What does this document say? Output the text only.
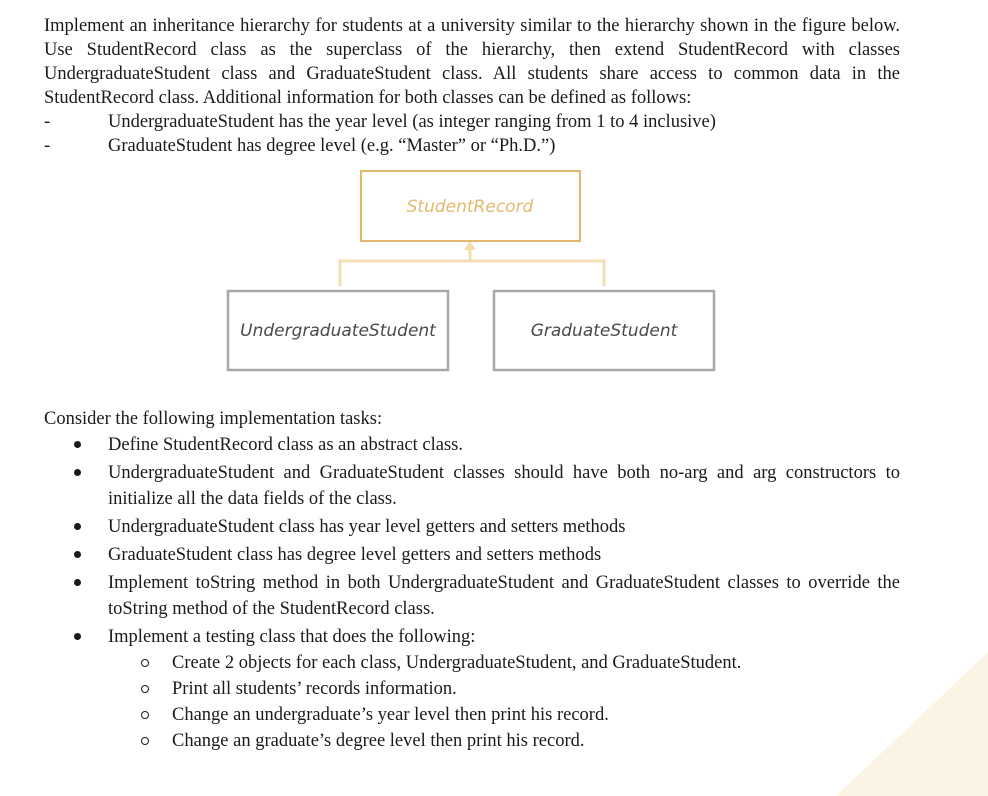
Implement an inheritance hierarchy for students at a university similar to the hierarchy shown in the figure below. Use StudentRecord class as the superclass of the hierarchy, then extend StudentRecord with classes UndergraduateStudent class and GraduateStudent class. All students share access to common data in the StudentRecord class. Additional information for both classes can be defined as follows:

-	UndergraduateStudent has the year level (as integer ranging from 1 to 4 inclusive)
-	GraduateStudent has degree level (e.g. “Master” or “Ph.D.”)
StudentRecord
UndergraduateStudent	GraduateStudent

Consider the following implementation tasks:

Define StudentRecord class as an abstract class.
UndergraduateStudent and GraduateStudent classes should have both no-arg and arg constructors to initialize all the data fields of the class.
UndergraduateStudent class has year level getters and setters methods
GraduateStudent class has degree level getters and setters methods
Implement toString method in both UndergraduateStudent and GraduateStudent classes to override the toString method of the StudentRecord class.
Implement a testing class that does the following:
Create 2 objects for each class, UndergraduateStudent, and GraduateStudent.
Print all students’ records information.
Change an undergraduate’s year level then print his record.
Change an graduate’s degree level then print his record.
